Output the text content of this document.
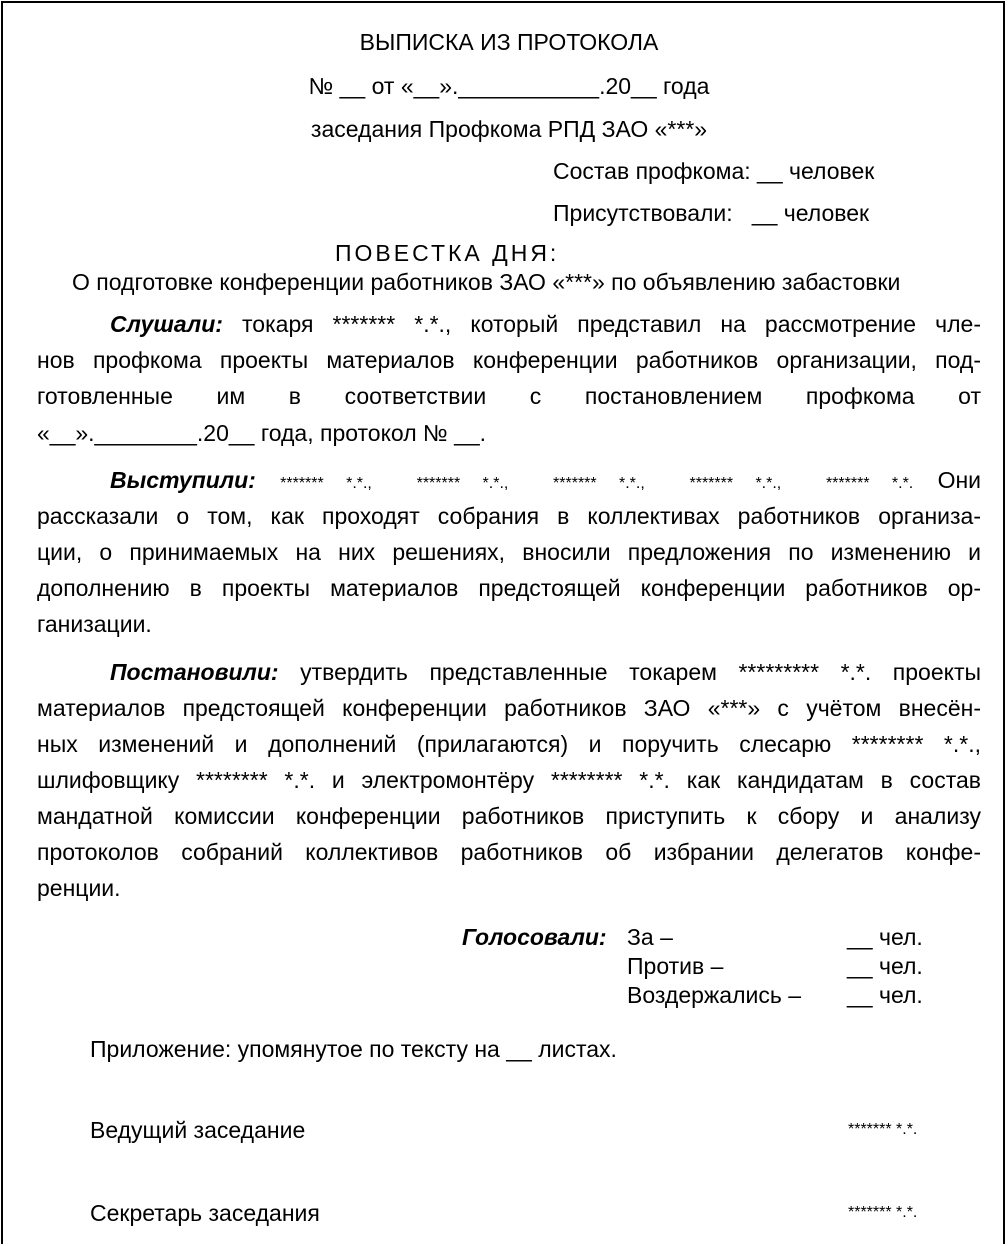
ВЫПИСКА ИЗ ПРОТОКОЛА
№ __ от «__».___________.20__ года
заседания Профкома РПД ЗАО «***»
Состав профкома: __ человек
Присутствовали:   __ человек
ПОВЕСТКА ДНЯ:
О подготовке конференции работников ЗАО «***» по объявлению забастовки
Слушали: токаря ******* *.*., который представил на рассмотрение чле-
нов профкома проекты материалов конференции работников организации, под-
готовленные им в соответствии с постановлением профкома от
«__».________.20__ года, протокол № __.
Выступили: ******* *.*.,  ******* *.*.,  ******* *.*.,  ******* *.*.,  ******* *.*. Они
рассказали о том, как проходят собрания в коллективах работников организа-
ции, о принимаемых на них решениях, вносили предложения по изменению и
дополнению в проекты материалов предстоящей конференции работников ор-
ганизации.
Постановили: утвердить представленные токарем ********* *.*. проекты
материалов предстоящей конференции работников ЗАО «***» с учётом внесён-
ных изменений и дополнений (прилагаются) и поручить слесарю ******** *.*.,
шлифовщику ******** *.*. и электромонтёру ******** *.*. как кандидатам в состав
мандатной комиссии конференции работников приступить к сбору и анализу
протоколов собраний коллективов работников об избрании делегатов конфе-
ренции.
Голосовали: За –	__ чел.
Против –	__ чел.
Воздержались – __ чел.
Приложение: упомянутое по тексту на __ листах.
Ведущий заседание	******* *.*.
Секретарь заседания	******* *.*.
